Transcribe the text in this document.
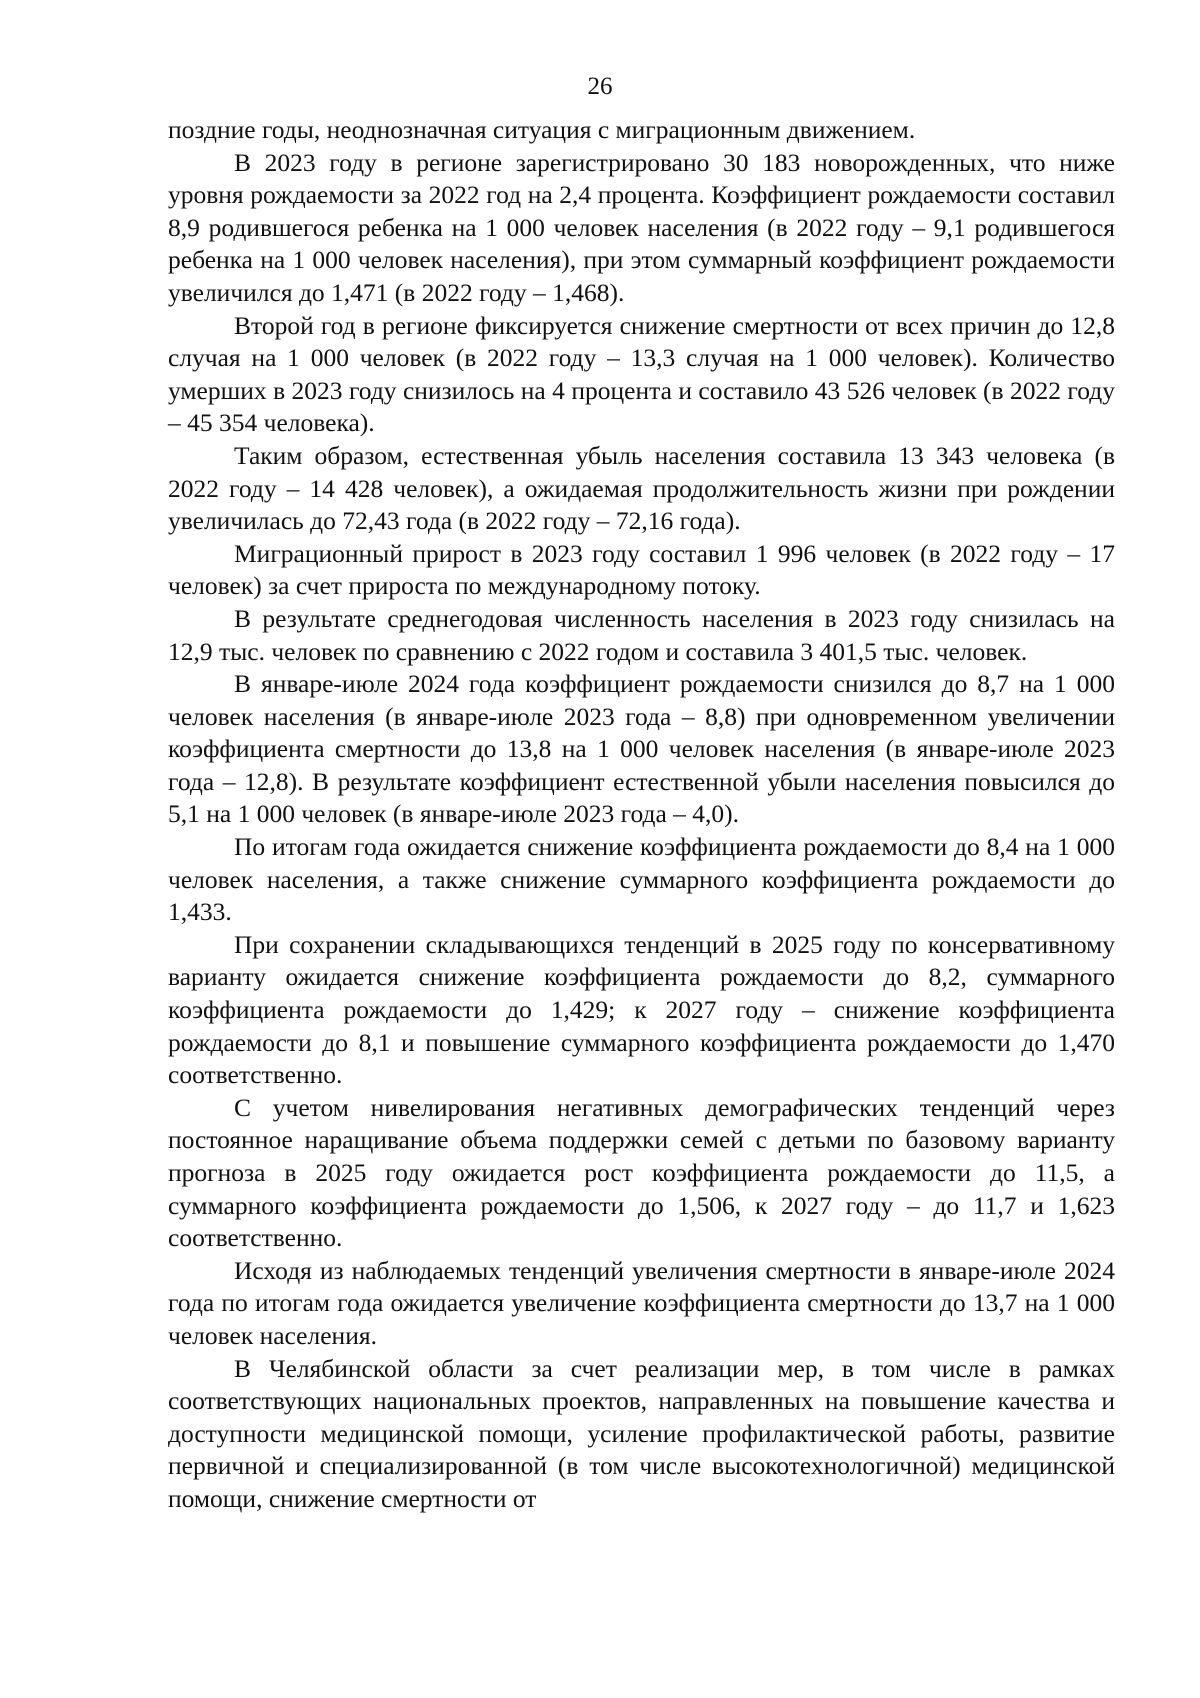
26

поздние годы, неоднозначная ситуация с миграционным движением.

В 2023 году в регионе зарегистрировано 30 183 новорожденных, что ниже уровня рождаемости за 2022 год на 2,4 процента. Коэффициент рождаемости составил 8,9 родившегося ребенка на 1 000 человек населения (в 2022 году – 9,1 родившегося ребенка на 1 000 человек населения), при этом суммарный коэффициент рождаемости увеличился до 1,471 (в 2022 году – 1,468).

Второй год в регионе фиксируется снижение смертности от всех причин до 12,8 случая на 1 000 человек (в 2022 году – 13,3 случая на 1 000 человек). Количество умерших в 2023 году снизилось на 4 процента и составило 43 526 человек (в 2022 году – 45 354 человека).

Таким образом, естественная убыль населения составила 13 343 человека (в 2022 году – 14 428 человек), а ожидаемая продолжительность жизни при рождении увеличилась до 72,43 года (в 2022 году – 72,16 года).

Миграционный прирост в 2023 году составил 1 996 человек (в 2022 году – 17 человек) за счет прироста по международному потоку.

В результате среднегодовая численность населения в 2023 году снизилась на 12,9 тыс. человек по сравнению с 2022 годом и составила 3 401,5 тыс. человек.

В январе-июле 2024 года коэффициент рождаемости снизился до 8,7 на 1 000 человек населения (в январе-июле 2023 года – 8,8) при одновременном увеличении коэффициента смертности до 13,8 на 1 000 человек населения (в январе-июле 2023 года – 12,8). В результате коэффициент естественной убыли населения повысился до 5,1 на 1 000 человек (в январе-июле 2023 года – 4,0).

По итогам года ожидается снижение коэффициента рождаемости до 8,4 на 1 000 человек населения, а также снижение суммарного коэффициента рождаемости до 1,433.

При сохранении складывающихся тенденций в 2025 году по консервативному варианту ожидается снижение коэффициента рождаемости до 8,2, суммарного коэффициента рождаемости до 1,429; к 2027 году – снижение коэффициента рождаемости до 8,1 и повышение суммарного коэффициента рождаемости до 1,470 соответственно.

С учетом нивелирования негативных демографических тенденций через постоянное наращивание объема поддержки семей с детьми по базовому варианту прогноза в 2025 году ожидается рост коэффициента рождаемости до 11,5, а суммарного коэффициента рождаемости до 1,506, к 2027 году – до 11,7 и 1,623 соответственно.

Исходя из наблюдаемых тенденций увеличения смертности в январе-июле 2024 года по итогам года ожидается увеличение коэффициента смертности до 13,7 на 1 000 человек населения.

В Челябинской области за счет реализации мер, в том числе в рамках соответствующих национальных проектов, направленных на повышение качества и доступности медицинской помощи, усиление профилактической работы, развитие первичной и специализированной (в том числе высокотехнологичной) медицинской помощи, снижение смертности от
